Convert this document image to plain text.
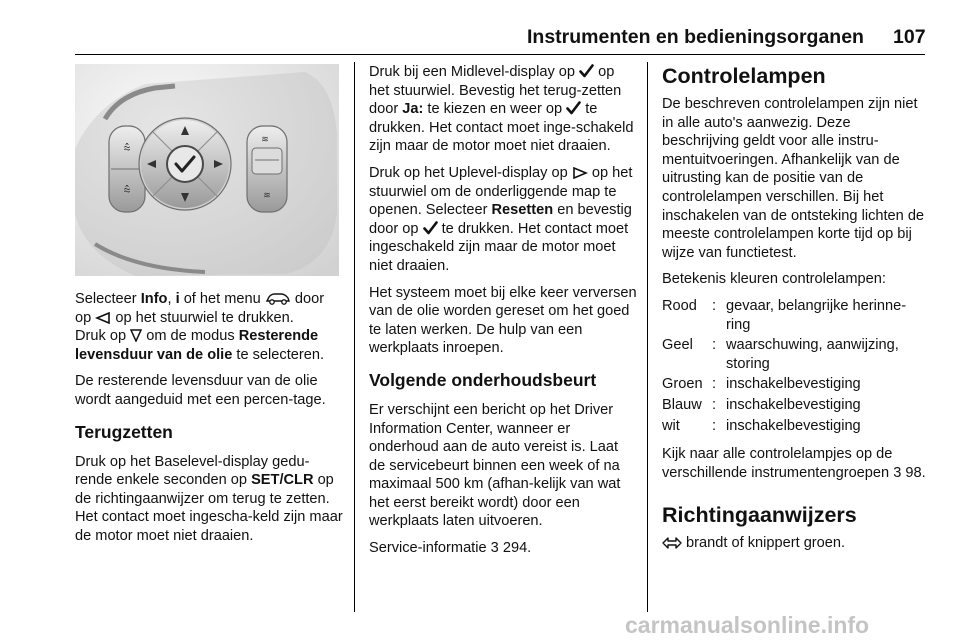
Instrumenten en bedieningsorganen 107
⩯
⩯
≋
≋

Selecteer Info, i of het menu
door op
op het stuurwiel te drukken.
Druk op
om de modus Resterende levensduur van de olie te selecteren.

De resterende levensduur van de olie wordt aangeduid met een percen-tage.

Terugzetten

Druk op het Baselevel-display gedu-rende enkele seconden op SET/CLR op de richtingaanwijzer om terug te zetten. Het contact moet ingescha-keld zijn maar de motor moet niet draaien.

Druk bij een Midlevel-display op
op het stuurwiel. Bevestig het terug-zetten door Ja: te kiezen en weer op
te drukken. Het contact moet inge-schakeld zijn maar de motor moet niet draaien.

Druk op het Uplevel-display op
op het stuurwiel om de onderliggende map te openen. Selecteer Resetten en bevestig door op
te drukken. Het contact moet ingeschakeld zijn maar de motor moet niet draaien.

Het systeem moet bij elke keer verversen van de olie worden gereset om het goed te laten werken. De hulp van een werkplaats inroepen.

Volgende onderhoudsbeurt

Er verschijnt een bericht op het Driver Information Center, wanneer er onderhoud aan de auto vereist is. Laat de servicebeurt binnen een week of na maximaal 500 km (afhan-kelijk van wat het eerst bereikt wordt) door een werkplaats laten uitvoeren.

Service-informatie 3 294.

Controlelampen

De beschreven controlelampen zijn niet in alle auto's aanwezig. Deze beschrijving geldt voor alle instru-mentuitvoeringen. Afhankelijk van de uitrusting kan de positie van de controlelampen verschillen. Bij het inschakelen van de ontsteking lichten de meeste controlelampen korte tijd op bij wijze van functietest.

Betekenis kleuren controlelampen:

Rood	: gevaar, belangrijke herinne-ring
Geel	: waarschuwing, aanwijzing, storing
Groen : inschakelbevestiging
Blauw : inschakelbevestiging
wit	: inschakelbevestiging

Kijk naar alle controlelampjes op de verschillende instrumentengroepen 3 98.

Richtingaanwijzers

brandt of knippert groen.

carmanualsonline.info
